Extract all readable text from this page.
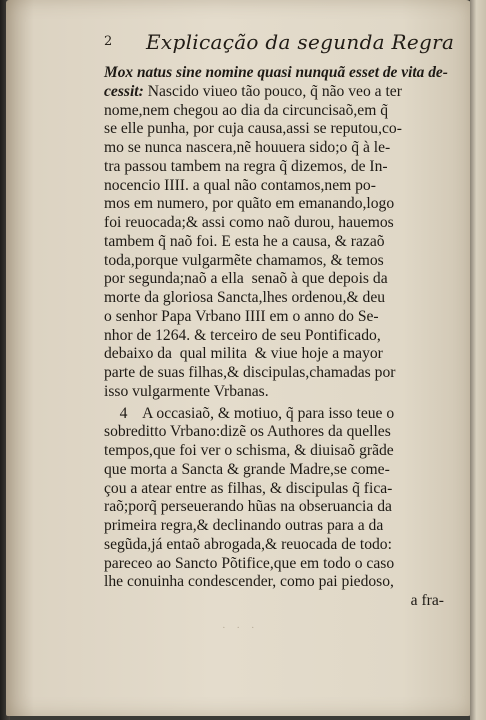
2 Explicação da segunda Regra
Mox natus sine nomine quasi nunquã esset de vita de-
cessit: Nascido viueo tão pouco, q̃ não veo a ter
nome,nem chegou ao dia da circuncisaõ,em q̃
se elle punha, por cuja causa,assi se reputou,co-
mo se nunca nascera,nẽ houuera sido;o q̃ à le-
tra passou tambem na regra q̃ dizemos, de In-
nocencio IIII. a qual não contamos,nem po-
mos em numero, por quãto em emanando,logo
foi reuocada;& assi como naõ durou, hauemos
tambem q̃ naõ foi. E esta he a causa, & razaõ
toda,porque vulgarmẽte chamamos, & temos
por segunda;naõ a ella  senaõ à que depois da
morte da gloriosa Sancta,lhes ordenou,& deu
o senhor Papa Vrbano IIII em o anno do Se-
nhor de 1264. & terceiro de seu Pontificado,
debaixo da  qual milita  & viue hoje a mayor
parte de suas filhas,& discipulas,chamadas por
isso vulgarmente Vrbanas.
4    A occasiaõ, & motiuo, q̃ para isso teue o
sobreditto Vrbano:dizẽ os Authores da quelles
tempos,que foi ver o schisma, & diuisaõ grãde
que morta a Sancta & grande Madre,se come-
çou a atear entre as filhas, & discipulas q̃ fica-
raõ;porq̃ perseuerando hũas na obseruancia da
primeira regra,& declinando outras para a da
segũda,já entaõ abrogada,& reuocada de todo:
pareceo ao Sancto Põtifice,que em todo o caso
lhe conuinha condescender, como pai piedoso,
a fra-
· · ·
